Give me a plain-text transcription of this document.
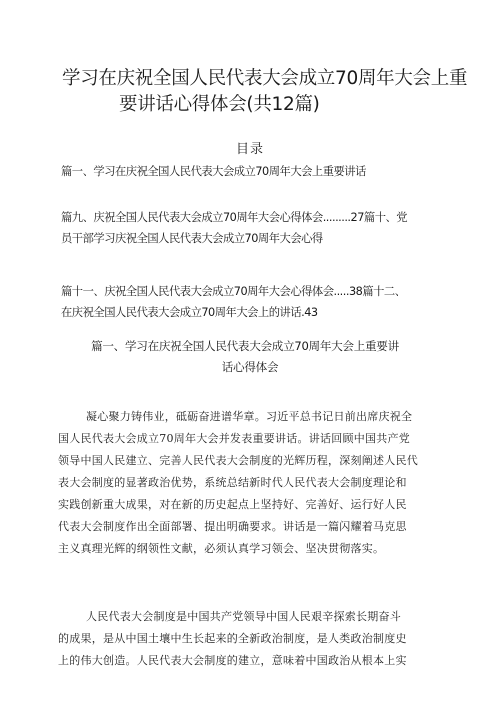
学习在庆祝全国人民代表大会成立70周年大会上重
要讲话心得体会(共12篇)
目录
篇一、学习在庆祝全国人民代表大会成立70周年大会上重要讲话
篇九、庆祝全国人民代表大会成立70周年大会心得体会.........27篇十、党
员干部学习庆祝全国人民代表大会成立70周年大会心得
篇十一、庆祝全国人民代表大会成立70周年大会心得体会.....38篇十二、
在庆祝全国人民代表大会成立70周年大会上的讲话.43
篇一、学习在庆祝全国人民代表大会成立70周年大会上重要讲
话心得体会
凝心聚力铸伟业，砥砺奋进谱华章。习近平总书记日前出席庆祝全
国人民代表大会成立70周年大会并发表重要讲话。讲话回顾中国共产党
领导中国人民建立、完善人民代表大会制度的光辉历程，深刻阐述人民代
表大会制度的显著政治优势，系统总结新时代人民代表大会制度理论和
实践创新重大成果，对在新的历史起点上坚持好、完善好、运行好人民
代表大会制度作出全面部署、提出明确要求。讲话是一篇闪耀着马克思
主义真理光辉的纲领性文献，必须认真学习领会、坚决贯彻落实。
人民代表大会制度是中国共产党领导中国人民艰辛探索长期奋斗
的成果，是从中国土壤中生长起来的全新政治制度，是人类政治制度史
上的伟大创造。人民代表大会制度的建立，意味着中国政治从根本上实
